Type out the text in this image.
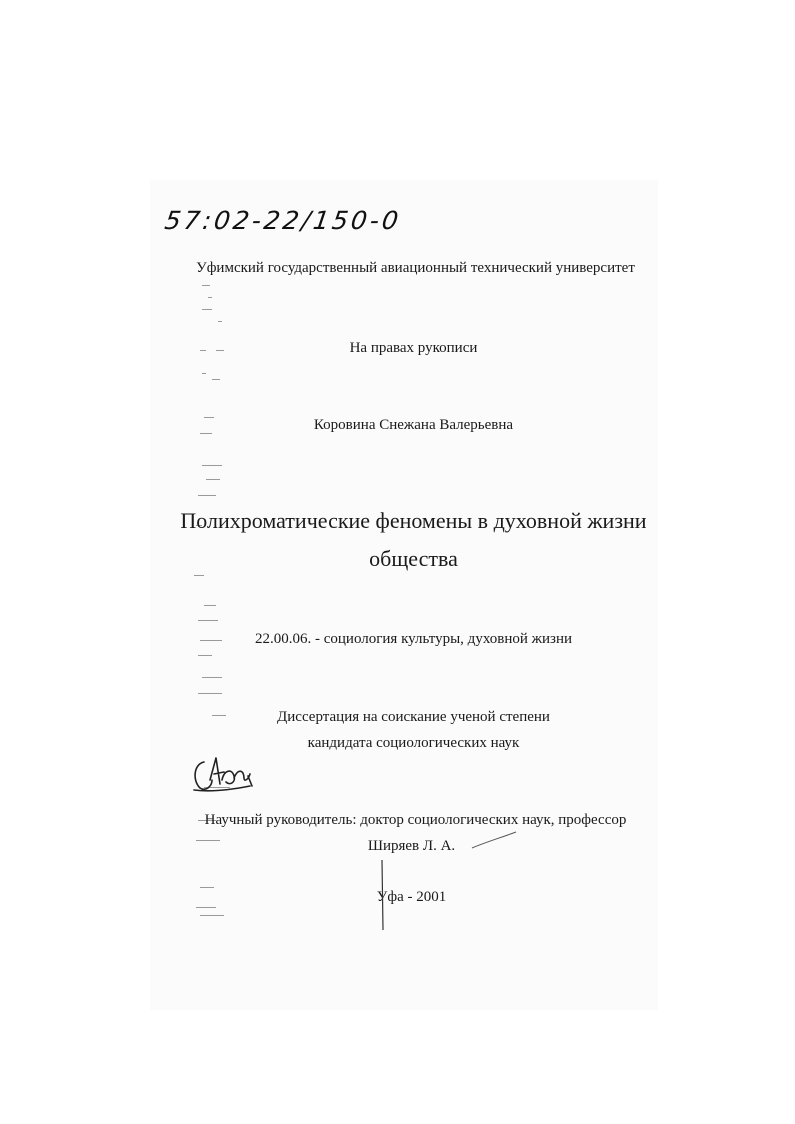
57:02-22/150-0
Уфимский государственный авиационный технический университет
На правах рукописи
Коровина Снежана Валерьевна
Полихроматические феномены в духовной жизни
общества
22.00.06. - социология культуры, духовной жизни
Диссертация на соискание ученой степени
кандидата социологических наук
Научный руководитель: доктор социологических наук, профессор
Ширяев Л. А.
Уфа - 2001
